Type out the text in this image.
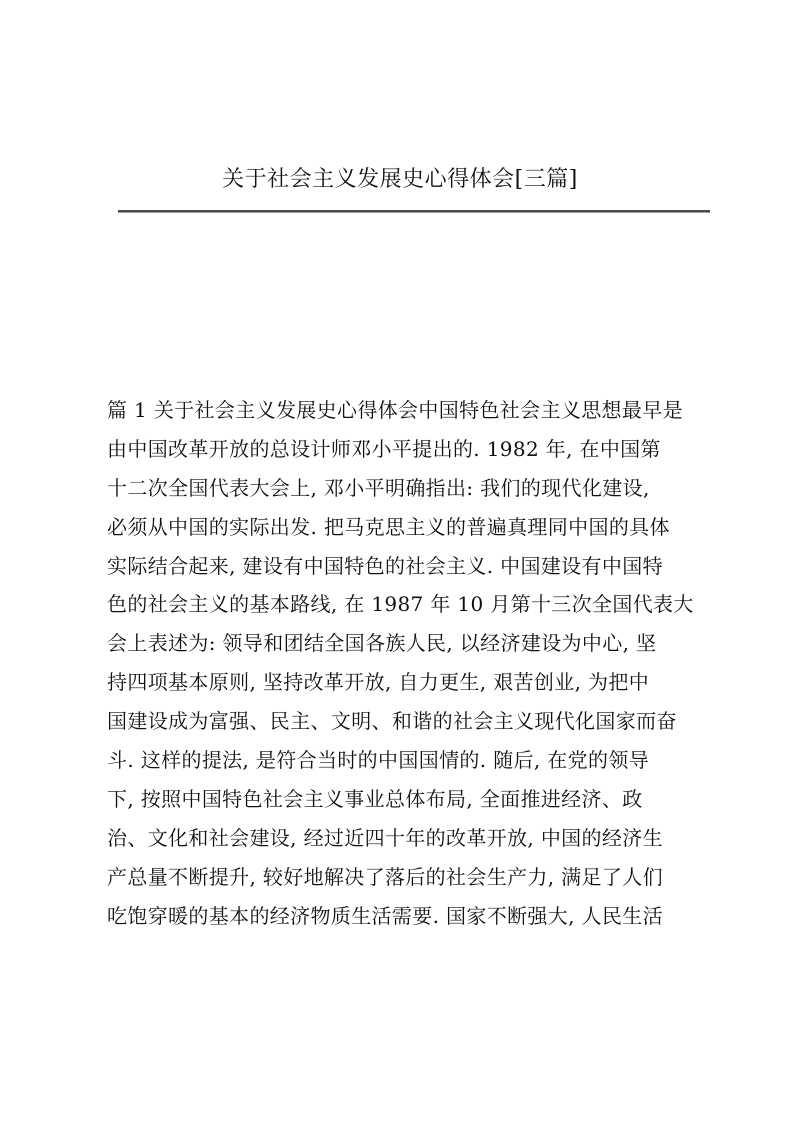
关于社会主义发展史心得体会[三篇]
篇 1 关于社会主义发展史心得体会中国特色社会主义思想最早是
由中国改革开放的总设计师邓小平提出的. 1982 年, 在中国第
十二次全国代表大会上, 邓小平明确指出: 我们的现代化建设,
必须从中国的实际出发. 把马克思主义的普遍真理同中国的具体
实际结合起来, 建设有中国特色的社会主义. 中国建设有中国特
色的社会主义的基本路线, 在 1987 年 10 月第十三次全国代表大
会上表述为: 领导和团结全国各族人民, 以经济建设为中心, 坚
持四项基本原则, 坚持改革开放, 自力更生, 艰苦创业, 为把中
国建设成为富强、民主、文明、和谐的社会主义现代化国家而奋
斗. 这样的提法, 是符合当时的中国国情的. 随后, 在党的领导
下, 按照中国特色社会主义事业总体布局, 全面推进经济、政
治、文化和社会建设, 经过近四十年的改革开放, 中国的经济生
产总量不断提升, 较好地解决了落后的社会生产力, 满足了人们
吃饱穿暖的基本的经济物质生活需要. 国家不断强大, 人民生活
